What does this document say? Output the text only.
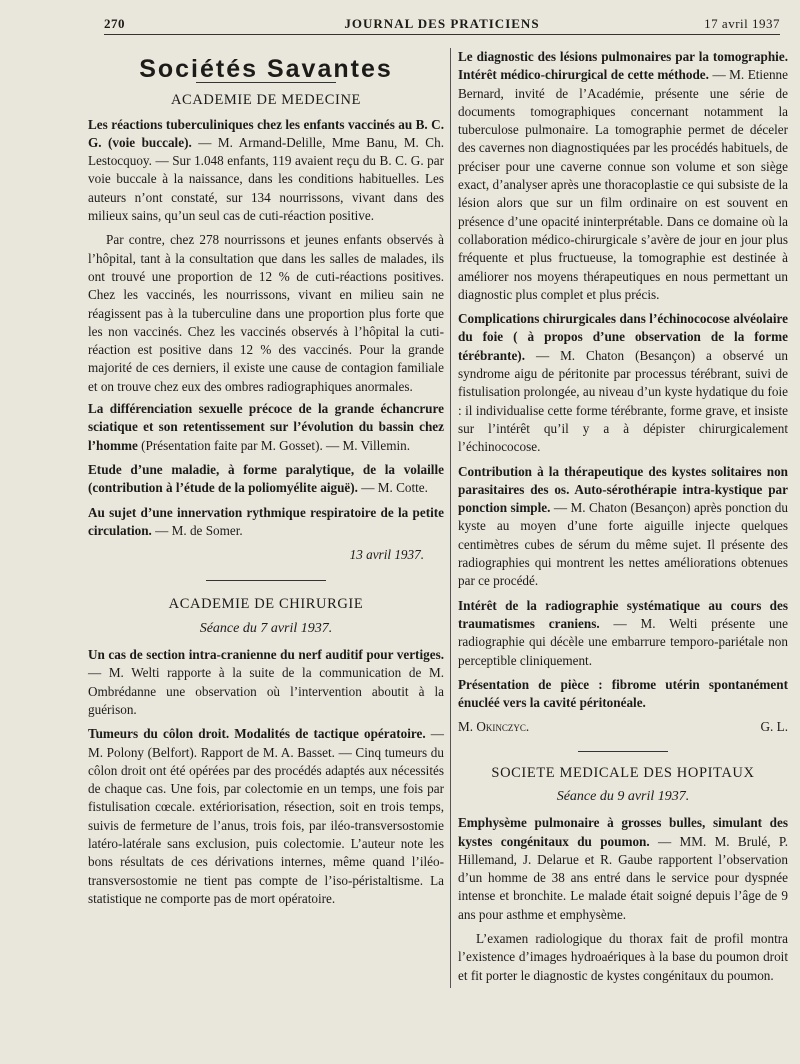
270	JOURNAL DES PRATICIENS	17 avril 1937
Sociétés Savantes
ACADEMIE DE MEDECINE

Les réactions tuberculiniques chez les enfants vaccinés au B. C. G. (voie buccale). — M. Armand-Delille, Mme Banu, M. Ch. Lestocquoy. — Sur 1.048 enfants, 119 avaient reçu du B. C. G. par voie buccale à la naissance, dans les conditions habituelles. Les auteurs n’ont constaté, sur 134 nourrissons, vivant dans des milieux sains, qu’un seul cas de cuti-réaction positive.

Par contre, chez 278 nourrissons et jeunes enfants observés à l’hôpital, tant à la consultation que dans les salles de malades, ils ont trouvé une proportion de 12 % de cuti-réactions positives. Chez les vaccinés, les nourrissons, vivant en milieu sain ne réagissent pas à la tuberculine dans une proportion plus forte que les non vaccinés. Chez les vaccinés observés à l’hôpital la cuti-réaction est positive dans 12 % des vaccinés. Pour la grande majorité de ces derniers, il existe une cause de contagion familiale et on trouve chez eux des ombres radiographiques anormales.

La différenciation sexuelle précoce de la grande échancrure sciatique et son retentissement sur l’évolution du bassin chez l’homme (Présentation faite par M. Gosset). — M. Villemin.

Etude d’une maladie, à forme paralytique, de la volaille (contribution à l’étude de la poliomyélite aiguë). — M. Cotte.

Au sujet d’une innervation rythmique respiratoire de la petite circulation. — M. de Somer.

13 avril 1937.
ACADEMIE DE CHIRURGIE
Séance du 7 avril 1937.

Un cas de section intra-cranienne du nerf auditif pour vertiges. — M. Welti rapporte à la suite de la communication de M. Ombrédanne une observation où l’intervention aboutit à la guérison.

Tumeurs du côlon droit. Modalités de tactique opératoire. — M. Polony (Belfort). Rapport de M. A. Basset. — Cinq tumeurs du côlon droit ont été opérées par des procédés adaptés aux nécessités de chaque cas. Une fois, par colectomie en un temps, une fois par fistulisation cœcale. extériorisation, résection, soit en trois temps, suivis de fermeture de l’anus, trois fois, par iléo-transversostomie latéro-latérale sans exclusion, puis colectomie. L’auteur note les bons résultats de ces dérivations internes, même quand l’iléo-transversostomie ne tient pas compte de l’iso-péristaltisme. La statistique ne comporte pas de mort opératoire.

Le diagnostic des lésions pulmonaires par la tomographie. Intérêt médico-chirurgical de cette méthode. — M. Etienne Bernard, invité de l’Académie, présente une série de documents tomographiques concernant notamment la tuberculose pulmonaire. La tomographie permet de déceler des cavernes non diagnostiquées par les procédés habituels, de préciser pour une caverne connue son volume et son siège exact, d’analyser après une thoracoplastie ce qui subsiste de la lésion alors que sur un film ordinaire on est souvent en présence d’une opacité ininterprétable. Dans ce domaine où la collaboration médico-chirurgicale s’avère de jour en jour plus fréquente et plus fructueuse, la tomographie est destinée à améliorer nos moyens thérapeutiques en nous permettant un diagnostic plus complet et plus précis.

Complications chirurgicales dans l’échinococose alvéolaire du foie ( à propos d’une observation de la forme térébrante). — M. Chaton (Besançon) a observé un syndrome aigu de péritonite par processus térébrant, suivi de fistulisation prolongée, au niveau d’un kyste hydatique du foie : il individualise cette forme térébrante, forme grave, et insiste sur l’intérêt qu’il y a à dépister chirurgicalement l’échinococose.

Contribution à la thérapeutique des kystes solitaires non parasitaires des os. Auto-sérothérapie intra-kystique par ponction simple. — M. Chaton (Besançon) après ponction du kyste au moyen d’une forte aiguille injecte quelques centimètres cubes de sérum du même sujet. Il présente des radiographies qui montrent les nettes améliorations obtenues par ce procédé.

Intérêt de la radiographie systématique au cours des traumatismes craniens. — M. Welti présente une radiographie qui décèle une embarrure temporo-pariétale non perceptible cliniquement.

Présentation de pièce : fibrome utérin spontanément énucléé vers la cavité péritonéale.

M. Okinczyc.	G. L.
SOCIETE MEDICALE DES HOPITAUX
Séance du 9 avril 1937.

Emphysème pulmonaire à grosses bulles, simulant des kystes congénitaux du poumon. — MM. M. Brulé, P. Hillemand, J. Delarue et R. Gaube rapportent l’observation d’un homme de 38 ans entré dans le service pour dyspnée intense et bronchite. Le malade était soigné depuis l’âge de 9 ans pour asthme et emphysème.

L’examen radiologique du thorax fait de profil montra l’existence d’images hydroaériques à la base du poumon droit et fit porter le diagnostic de kystes congénitaux du poumon.
